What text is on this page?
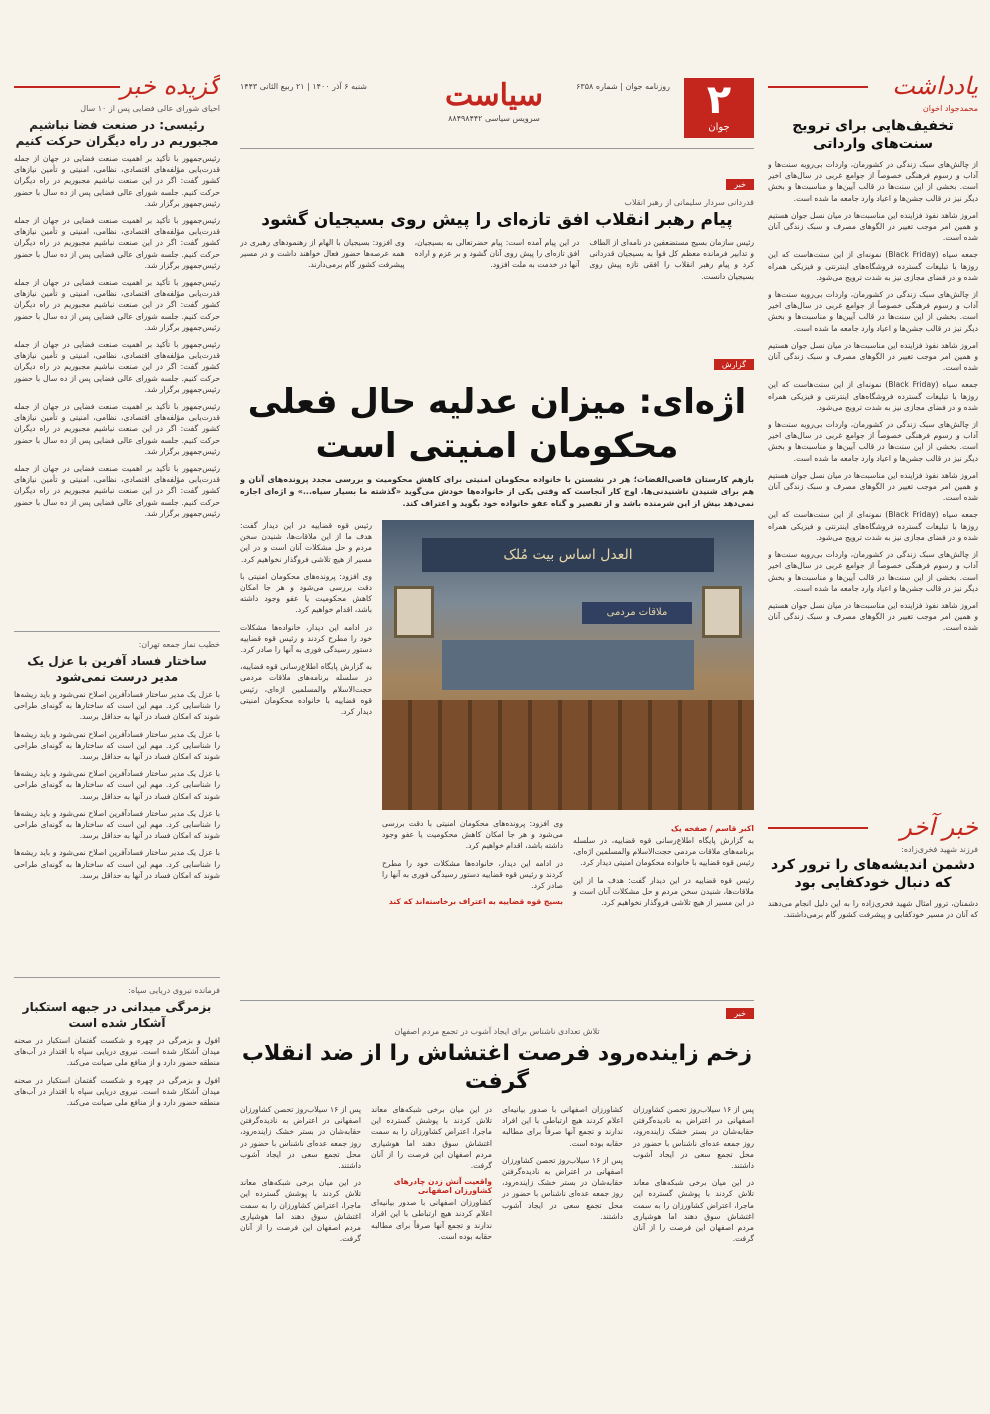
یادداشت
محمدجواد اخوان
تخفیف‌هایی برای ترویج سنت‌های وارداتی

از چالش‌های سبک زندگی در کشورمان، واردات بی‌رویه سنت‌ها و آداب و رسوم فرهنگی خصوصاً از جوامع غربی در سال‌های اخیر است. بخشی از این سنت‌ها در قالب آیین‌ها و مناسبت‌ها و بخش دیگر نیز در قالب جشن‌ها و اعیاد وارد جامعه ما شده است.

امروز شاهد نفوذ فزاینده این مناسبت‌ها در میان نسل جوان هستیم و همین امر موجب تغییر در الگوهای مصرف و سبک زندگی آنان شده است.

جمعه سیاه (Black Friday) نمونه‌ای از این سنت‌هاست که این روزها با تبلیغات گسترده فروشگاه‌های اینترنتی و فیزیکی همراه شده و در فضای مجازی نیز به شدت ترویج می‌شود.

از چالش‌های سبک زندگی در کشورمان، واردات بی‌رویه سنت‌ها و آداب و رسوم فرهنگی خصوصاً از جوامع غربی در سال‌های اخیر است. بخشی از این سنت‌ها در قالب آیین‌ها و مناسبت‌ها و بخش دیگر نیز در قالب جشن‌ها و اعیاد وارد جامعه ما شده است.

امروز شاهد نفوذ فزاینده این مناسبت‌ها در میان نسل جوان هستیم و همین امر موجب تغییر در الگوهای مصرف و سبک زندگی آنان شده است.

جمعه سیاه (Black Friday) نمونه‌ای از این سنت‌هاست که این روزها با تبلیغات گسترده فروشگاه‌های اینترنتی و فیزیکی همراه شده و در فضای مجازی نیز به شدت ترویج می‌شود.

از چالش‌های سبک زندگی در کشورمان، واردات بی‌رویه سنت‌ها و آداب و رسوم فرهنگی خصوصاً از جوامع غربی در سال‌های اخیر است. بخشی از این سنت‌ها در قالب آیین‌ها و مناسبت‌ها و بخش دیگر نیز در قالب جشن‌ها و اعیاد وارد جامعه ما شده است.

امروز شاهد نفوذ فزاینده این مناسبت‌ها در میان نسل جوان هستیم و همین امر موجب تغییر در الگوهای مصرف و سبک زندگی آنان شده است.

جمعه سیاه (Black Friday) نمونه‌ای از این سنت‌هاست که این روزها با تبلیغات گسترده فروشگاه‌های اینترنتی و فیزیکی همراه شده و در فضای مجازی نیز به شدت ترویج می‌شود.

از چالش‌های سبک زندگی در کشورمان، واردات بی‌رویه سنت‌ها و آداب و رسوم فرهنگی خصوصاً از جوامع غربی در سال‌های اخیر است. بخشی از این سنت‌ها در قالب آیین‌ها و مناسبت‌ها و بخش دیگر نیز در قالب جشن‌ها و اعیاد وارد جامعه ما شده است.

امروز شاهد نفوذ فزاینده این مناسبت‌ها در میان نسل جوان هستیم و همین امر موجب تغییر در الگوهای مصرف و سبک زندگی آنان شده است.

خبر آخر
فرزند شهید فخری‌زاده:
دشمن اندیشه‌های را ترور کرد که دنبال خودکفایی بود

دشمنان، ترور امثال شهید فخری‌زاده را به این دلیل انجام می‌دهند که آنان در مسیر خودکفایی و پیشرفت کشور گام برمی‌داشتند.

٢
جوان
روزنامه جوان | شماره ۶۳۵۸
سیاست
سرویس سیاسی ۸۸۴۹۸۴۴۲
شنبه ۶ آذر ۱۴۰۰ | ۲۱ ربیع الثانی ۱۴۴۳
خبر
قدردانی سردار سلیمانی از رهبر انقلاب
پیام رهبر انقلاب افق تازه‌ای را پیش روی بسیجیان گشود

رئیس سازمان بسیج مستضعفین در نامه‌ای از الطاف و تدابیر فرمانده معظم کل قوا به بسیجیان قدردانی کرد و پیام رهبر انقلاب را افقی تازه پیش روی بسیجیان دانست.

در این پیام آمده است: پیام حضرتعالی به بسیجیان، افق تازه‌ای را پیش روی آنان گشود و بر عزم و اراده آنها در خدمت به ملت افزود.

وی افزود: بسیجیان با الهام از رهنمودهای رهبری در همه عرصه‌ها حضور فعال خواهند داشت و در مسیر پیشرفت کشور گام برمی‌دارند.

گزارش
اژه‌ای: میزان عدلیه حال فعلی محکومان امنیتی است

بازهم کارستان قاضی‌القضات؛ هر در نشستن با خانواده محکومان امنیتی برای کاهش محکومیت و بررسی مجدد پرونده‌های آنان و هم برای شنیدن ناشنیدنی‌ها. اوج کار آنجاست که وقتی یکی از خانواده‌ها خودش می‌گوید «گذشته ما بسیار سیاه...» و اژه‌ای اجازه نمی‌دهد بیش از این شرمنده باشد و از تقصیر و گناه عفو خانواده خود بگوید و اعتراف کند.

العدل اساس بیت مُلک
ملاقات مردمی
اکبر قاسم / صفحه یک

به گزارش پایگاه اطلاع‌رسانی قوه قضاییه، در سلسله برنامه‌های ملاقات مردمی حجت‌الاسلام والمسلمین اژه‌ای، رئیس قوه قضاییه با خانواده محکومان امنیتی دیدار کرد.

رئیس قوه قضاییه در این دیدار گفت: هدف ما از این ملاقات‌ها، شنیدن سخن مردم و حل مشکلات آنان است و در این مسیر از هیچ تلاشی فروگذار نخواهیم کرد.

وی افزود: پرونده‌های محکومان امنیتی با دقت بررسی می‌شود و هر جا امکان کاهش محکومیت یا عفو وجود داشته باشد، اقدام خواهیم کرد.

در ادامه این دیدار، خانواده‌ها مشکلات خود را مطرح کردند و رئیس قوه قضاییه دستور رسیدگی فوری به آنها را صادر کرد.

بسیج قوه قضاییه به اعتراف برخاسته‌اند که کند

رئیس قوه قضاییه در این دیدار گفت: هدف ما از این ملاقات‌ها، شنیدن سخن مردم و حل مشکلات آنان است و در این مسیر از هیچ تلاشی فروگذار نخواهیم کرد.

وی افزود: پرونده‌های محکومان امنیتی با دقت بررسی می‌شود و هر جا امکان کاهش محکومیت یا عفو وجود داشته باشد، اقدام خواهیم کرد.

در ادامه این دیدار، خانواده‌ها مشکلات خود را مطرح کردند و رئیس قوه قضاییه دستور رسیدگی فوری به آنها را صادر کرد.

به گزارش پایگاه اطلاع‌رسانی قوه قضاییه، در سلسله برنامه‌های ملاقات مردمی حجت‌الاسلام والمسلمین اژه‌ای، رئیس قوه قضاییه با خانواده محکومان امنیتی دیدار کرد.

خبر
تلاش تعدادی ناشناس برای ایجاد آشوب در تجمع مردم اصفهان
زخم زاینده‌رود فرصت اغتشاش را از ضد انقلاب گرفت

پس از ۱۶ سیلاب‌روز تحصن کشاورزان اصفهانی در اعتراض به نادیده‌گرفتن حقابه‌شان در بستر خشک زاینده‌رود، روز جمعه عده‌ای ناشناس با حضور در محل تجمع سعی در ایجاد آشوب داشتند.

در این میان برخی شبکه‌های معاند تلاش کردند با پوشش گسترده این ماجرا، اعتراض کشاورزان را به سمت اغتشاش سوق دهند اما هوشیاری مردم اصفهان این فرصت را از آنان گرفت.

کشاورزان اصفهانی با صدور بیانیه‌ای اعلام کردند هیچ ارتباطی با این افراد ندارند و تجمع آنها صرفاً برای مطالبه حقابه بوده است.

پس از ۱۶ سیلاب‌روز تحصن کشاورزان اصفهانی در اعتراض به نادیده‌گرفتن حقابه‌شان در بستر خشک زاینده‌رود، روز جمعه عده‌ای ناشناس با حضور در محل تجمع سعی در ایجاد آشوب داشتند.

در این میان برخی شبکه‌های معاند تلاش کردند با پوشش گسترده این ماجرا، اعتراض کشاورزان را به سمت اغتشاش سوق دهند اما هوشیاری مردم اصفهان این فرصت را از آنان گرفت.

واقعیت آتش زدن چادرهای کشاورزان اصفهانی

کشاورزان اصفهانی با صدور بیانیه‌ای اعلام کردند هیچ ارتباطی با این افراد ندارند و تجمع آنها صرفاً برای مطالبه حقابه بوده است.

پس از ۱۶ سیلاب‌روز تحصن کشاورزان اصفهانی در اعتراض به نادیده‌گرفتن حقابه‌شان در بستر خشک زاینده‌رود، روز جمعه عده‌ای ناشناس با حضور در محل تجمع سعی در ایجاد آشوب داشتند.

در این میان برخی شبکه‌های معاند تلاش کردند با پوشش گسترده این ماجرا، اعتراض کشاورزان را به سمت اغتشاش سوق دهند اما هوشیاری مردم اصفهان این فرصت را از آنان گرفت.

گزیده خبر
احیای شورای عالی فضایی پس از ۱۰ سال
رئیسی: در صنعت فضا نباشیم مجبوریم در راه دیگران حرکت کنیم

رئیس‌جمهور با تأکید بر اهمیت صنعت فضایی در جهان از جمله قدرت‌یابی مؤلفه‌های اقتصادی، نظامی، امنیتی و تأمین نیازهای کشور گفت: اگر در این صنعت نباشیم مجبوریم در راه دیگران حرکت کنیم. جلسه شورای عالی فضایی پس از ده سال با حضور رئیس‌جمهور برگزار شد.

رئیس‌جمهور با تأکید بر اهمیت صنعت فضایی در جهان از جمله قدرت‌یابی مؤلفه‌های اقتصادی، نظامی، امنیتی و تأمین نیازهای کشور گفت: اگر در این صنعت نباشیم مجبوریم در راه دیگران حرکت کنیم. جلسه شورای عالی فضایی پس از ده سال با حضور رئیس‌جمهور برگزار شد.

رئیس‌جمهور با تأکید بر اهمیت صنعت فضایی در جهان از جمله قدرت‌یابی مؤلفه‌های اقتصادی، نظامی، امنیتی و تأمین نیازهای کشور گفت: اگر در این صنعت نباشیم مجبوریم در راه دیگران حرکت کنیم. جلسه شورای عالی فضایی پس از ده سال با حضور رئیس‌جمهور برگزار شد.

رئیس‌جمهور با تأکید بر اهمیت صنعت فضایی در جهان از جمله قدرت‌یابی مؤلفه‌های اقتصادی، نظامی، امنیتی و تأمین نیازهای کشور گفت: اگر در این صنعت نباشیم مجبوریم در راه دیگران حرکت کنیم. جلسه شورای عالی فضایی پس از ده سال با حضور رئیس‌جمهور برگزار شد.

رئیس‌جمهور با تأکید بر اهمیت صنعت فضایی در جهان از جمله قدرت‌یابی مؤلفه‌های اقتصادی، نظامی، امنیتی و تأمین نیازهای کشور گفت: اگر در این صنعت نباشیم مجبوریم در راه دیگران حرکت کنیم. جلسه شورای عالی فضایی پس از ده سال با حضور رئیس‌جمهور برگزار شد.

رئیس‌جمهور با تأکید بر اهمیت صنعت فضایی در جهان از جمله قدرت‌یابی مؤلفه‌های اقتصادی، نظامی، امنیتی و تأمین نیازهای کشور گفت: اگر در این صنعت نباشیم مجبوریم در راه دیگران حرکت کنیم. جلسه شورای عالی فضایی پس از ده سال با حضور رئیس‌جمهور برگزار شد.

خطیب نماز جمعه تهران:
ساختار فساد آفرین با عزل یک مدیر درست نمی‌شود

با عزل یک مدیر ساختار فسادآفرین اصلاح نمی‌شود و باید ریشه‌ها را شناسایی کرد. مهم این است که ساختارها به گونه‌ای طراحی شوند که امکان فساد در آنها به حداقل برسد.

با عزل یک مدیر ساختار فسادآفرین اصلاح نمی‌شود و باید ریشه‌ها را شناسایی کرد. مهم این است که ساختارها به گونه‌ای طراحی شوند که امکان فساد در آنها به حداقل برسد.

با عزل یک مدیر ساختار فسادآفرین اصلاح نمی‌شود و باید ریشه‌ها را شناسایی کرد. مهم این است که ساختارها به گونه‌ای طراحی شوند که امکان فساد در آنها به حداقل برسد.

با عزل یک مدیر ساختار فسادآفرین اصلاح نمی‌شود و باید ریشه‌ها را شناسایی کرد. مهم این است که ساختارها به گونه‌ای طراحی شوند که امکان فساد در آنها به حداقل برسد.

با عزل یک مدیر ساختار فسادآفرین اصلاح نمی‌شود و باید ریشه‌ها را شناسایی کرد. مهم این است که ساختارها به گونه‌ای طراحی شوند که امکان فساد در آنها به حداقل برسد.

فرمانده نیروی دریایی سپاه:
بزمرگی میدانی در جبهه استکبار آشکار شده است

افول و بزمرگی در چهره و شکست گفتمان استکبار در صحنه میدان آشکار شده است. نیروی دریایی سپاه با اقتدار در آب‌های منطقه حضور دارد و از منافع ملی صیانت می‌کند.

افول و بزمرگی در چهره و شکست گفتمان استکبار در صحنه میدان آشکار شده است. نیروی دریایی سپاه با اقتدار در آب‌های منطقه حضور دارد و از منافع ملی صیانت می‌کند.
